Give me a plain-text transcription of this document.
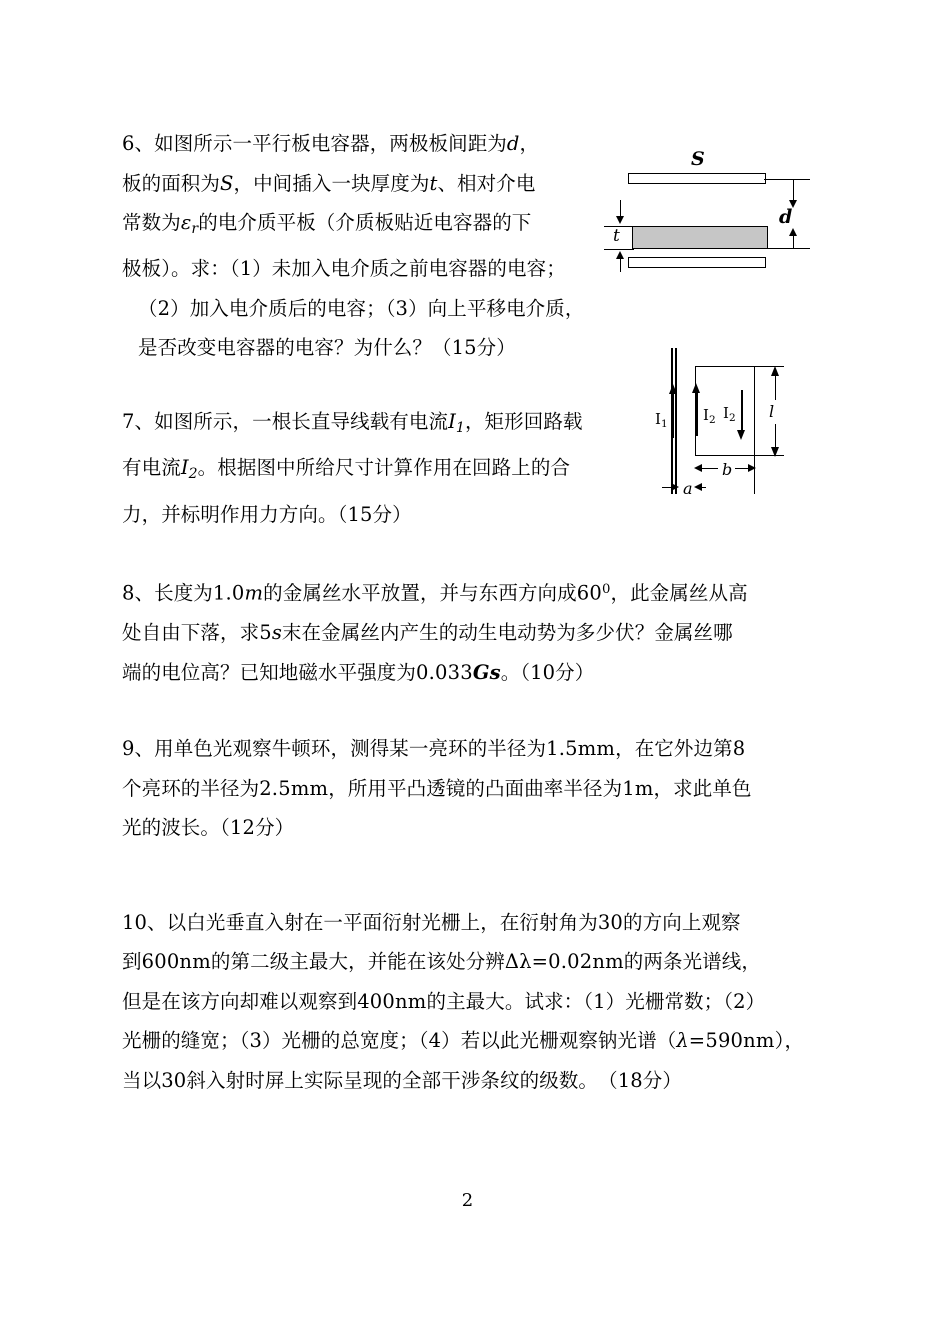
6、如图所示一平行板电容器，两极板间距为d，
板的面积为S，中间插入一块厚度为t、相对介电
常数为$\varepsilon_r$的电介质平板（介质板贴近电容器的下
极板）。求：（1）未加入电介质之前电容器的电容；
（2）加入电介质后的电容；（3）向上平移电介质，
是否改变电容器的电容？为什么？（15分）
7、如图所示，一根长直导线载有电流$I_1$，矩形回路载
有电流$I_2$。根据图中所给尺寸计算作用在回路上的合
力，并标明作用力方向。（15分）
8、长度为1.0m的金属丝水平放置，并与东西方向成$60^0$，此金属丝从高
处自由下落，求5s末在金属丝内产生的动生电动势为多少伏？金属丝哪
端的电位高？已知地磁水平强度为0.033Gs。（10分）
9、用单色光观察牛顿环，测得某一亮环的半径为1.5mm，在它外边第8
个亮环的半径为2.5mm，所用平凸透镜的凸面曲率半径为1m，求此单色
光的波长。（12分）
10、以白光垂直入射在一平面衍射光栅上，在衍射角为30的方向上观察
到600nm的第二级主最大，并能在该处分辨Δλ=0.02nm的两条光谱线，
但是在该方向却难以观察到400nm的主最大。试求：（1）光栅常数；（2）
光栅的缝宽；（3）光栅的总宽度；（4）若以此光栅观察钠光谱（λ=590nm），
当以30斜入射时屏上实际呈现的全部干涉条纹的级数。　（18分）
S
d
t
$I_1$
$I_2$ $I_2$ l
b
a
2
